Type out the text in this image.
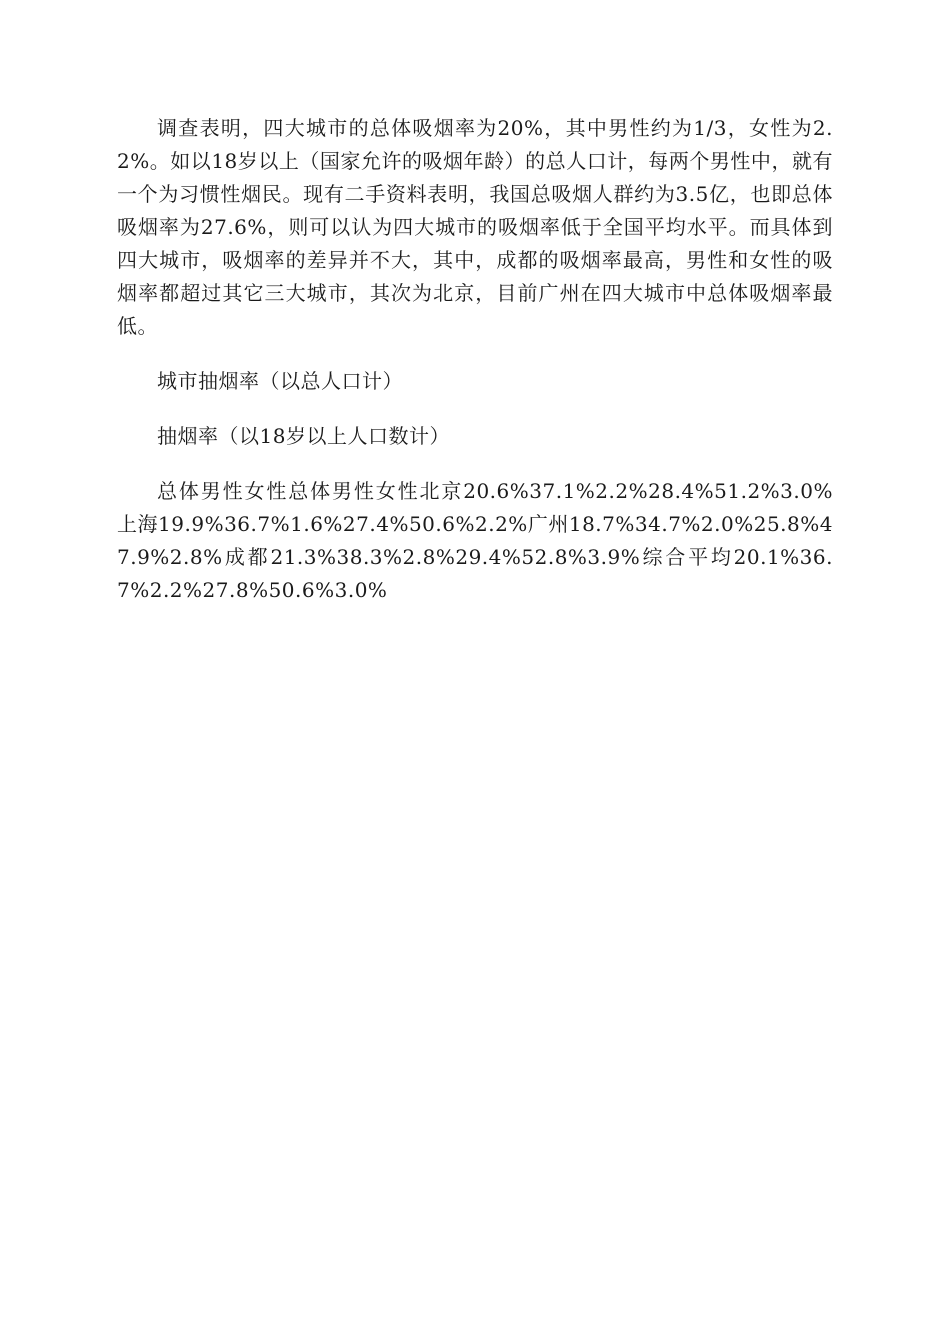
调查表明，四大城市的总体吸烟率为20%，其中男性约为1/3，女性为2.2%。如以18岁以上（国家允许的吸烟年龄）的总人口计，每两个男性中，就有一个为习惯性烟民。现有二手资料表明，我国总吸烟人群约为3.5亿，也即总体吸烟率为27.6%，则可以认为四大城市的吸烟率低于全国平均水平。而具体到四大城市，吸烟率的差异并不大，其中，成都的吸烟率最高，男性和女性的吸烟率都超过其它三大城市，其次为北京，目前广州在四大城市中总体吸烟率最低。

城市抽烟率（以总人口计）

抽烟率（以18岁以上人口数计）

总体男性女性总体男性女性北京20.6%37.1%2.2%28.4%51.2%3.0%上海19.9%36.7%1.6%27.4%50.6%2.2%广州18.7%34.7%2.0%25.8%47.9%2.8%成都21.3%38.3%2.8%29.4%52.8%3.9%综合平均20.1%36.7%2.2%27.8%50.6%3.0%
